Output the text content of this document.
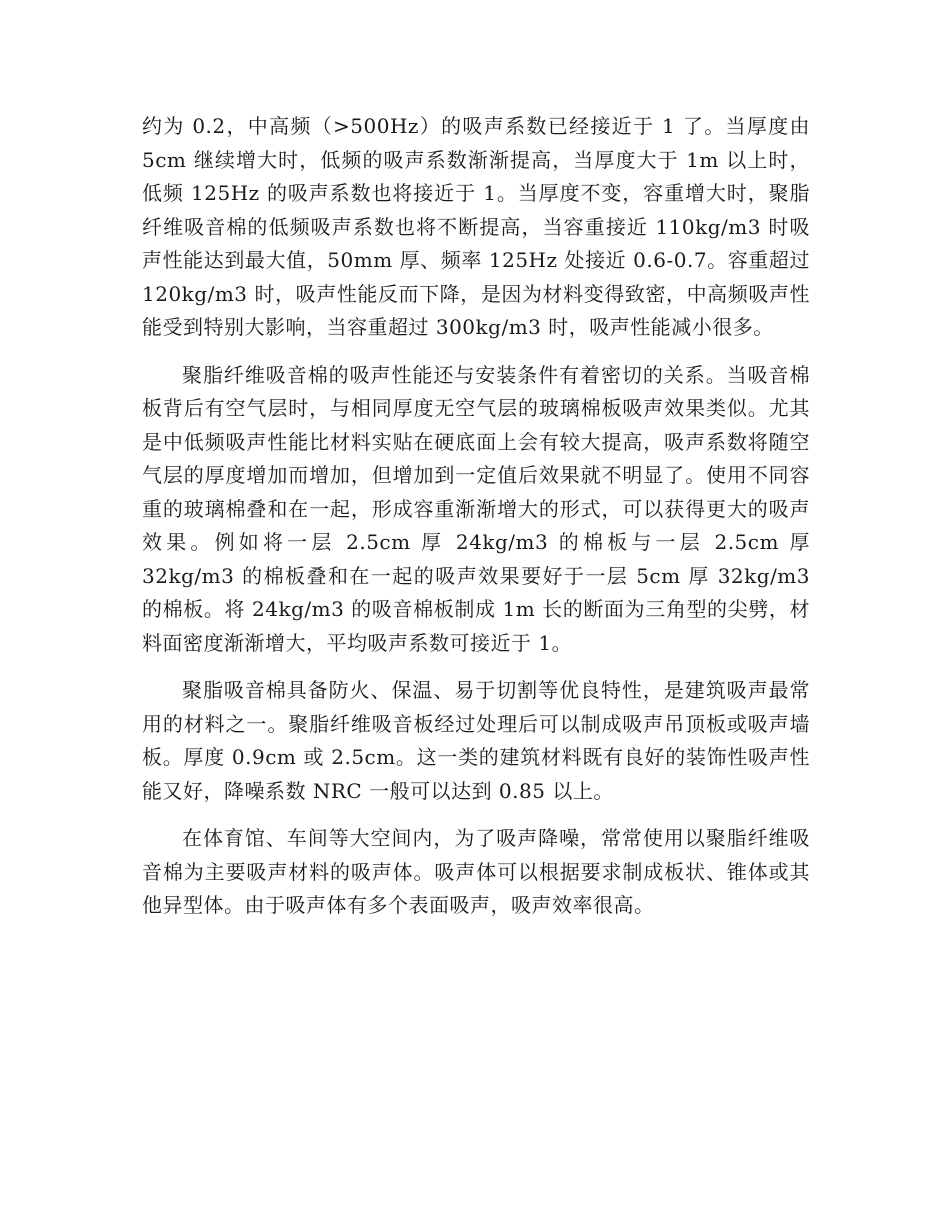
约为 0.2，中高频（>500Hz）的吸声系数已经接近于 1 了。当厚度由 5cm 继续增大时，低频的吸声系数渐渐提高，当厚度大于 1m 以上时，低频 125Hz 的吸声系数也将接近于 1。当厚度不变，容重增大时，聚脂纤维吸音棉的低频吸声系数也将不断提高，当容重接近 110kg/m3 时吸声性能达到最大值，50mm 厚、频率 125Hz 处接近 0.6-0.7。容重超过 120kg/m3 时，吸声性能反而下降，是因为材料变得致密，中高频吸声性能受到特别大影响，当容重超过 300kg/m3 时，吸声性能减小很多。

聚脂纤维吸音棉的吸声性能还与安装条件有着密切的关系。当吸音棉板背后有空气层时，与相同厚度无空气层的玻璃棉板吸声效果类似。尤其是中低频吸声性能比材料实贴在硬底面上会有较大提高，吸声系数将随空气层的厚度增加而增加，但增加到一定值后效果就不明显了。使用不同容重的玻璃棉叠和在一起，形成容重渐渐增大的形式，可以获得更大的吸声效果。例如将一层 2.5cm 厚 24kg/m3 的棉板与一层 2.5cm 厚 32kg/m3 的棉板叠和在一起的吸声效果要好于一层 5cm 厚 32kg/m3 的棉板。将 24kg/m3 的吸音棉板制成 1m 长的断面为三角型的尖劈，材料面密度渐渐增大，平均吸声系数可接近于 1。

聚脂吸音棉具备防火、保温、易于切割等优良特性，是建筑吸声最常用的材料之一。聚脂纤维吸音板经过处理后可以制成吸声吊顶板或吸声墙板。厚度 0.9cm 或 2.5cm。这一类的建筑材料既有良好的装饰性吸声性能又好，降噪系数 NRC 一般可以达到 0.85 以上。

在体育馆、车间等大空间内，为了吸声降噪，常常使用以聚脂纤维吸音棉为主要吸声材料的吸声体。吸声体可以根据要求制成板状、锥体或其他异型体。由于吸声体有多个表面吸声，吸声效率很高。
